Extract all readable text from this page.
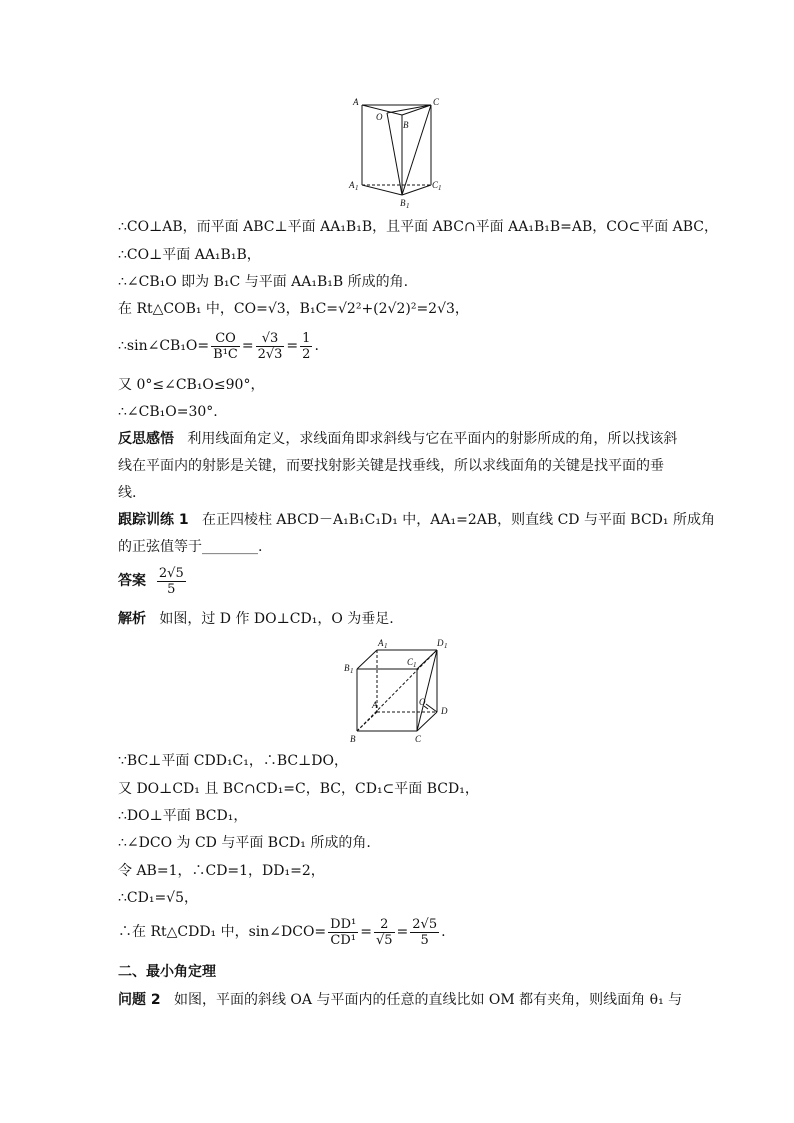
A	C
O
B
A 1	C 1
B 1
∴CO⊥AB，而平面 ABC⊥平面 AA₁B₁B，且平面 ABC∩平面 AA₁B₁B=AB，CO⊂平面 ABC，
∴CO⊥平面 AA₁B₁B，
∴∠CB₁O 即为 B₁C 与平面 AA₁B₁B 所成的角.
在 Rt△COB₁ 中，CO=√3，B₁C=√2²+(2√2)²=2√3，
∴sin∠CB₁O= $\frac{CO}{\text{B¹C}} = \frac{√3}{2√3} = \frac{1}{2}$ .
又 0°≤∠CB₁O≤90°，
∴∠CB₁O=30°.
反思感悟 利用线面角定义，求线面角即求斜线与它在平面内的射影所成的角，所以找该斜线在平面内的射影是关键，而要找射影关键是找垂线，所以求线面角的关键是找平面的垂线.
跟踪训练 1 在正四棱柱 ABCD－A₁B₁C₁D₁ 中，AA₁=2AB，则直线 CD 与平面 BCD₁ 所成角
的正弦值等于________.
答案 $\frac{2√5}{5}$
解析 如图，过 D 作 DO⊥CD₁，O 为垂足.
A 1	D 1
B 1
C 1
A	O
D
B	C
∵BC⊥平面 CDD₁C₁，∴BC⊥DO，
又 DO⊥CD₁ 且 BC∩CD₁=C，BC，CD₁⊂平面 BCD₁，
∴DO⊥平面 BCD₁，
∴∠DCO 为 CD 与平面 BCD₁ 所成的角.
令 AB=1，∴CD=1，DD₁=2，
∴CD₁=√5，
∴在 Rt△CDD₁ 中，sin∠DCO= $\frac{\text{DD¹}}{\text{CD¹}} = \frac{2}{√5} = \frac{2√5}{5}$ .
二、最小角定理
问题 2 如图，平面的斜线 OA 与平面内的任意的直线比如 OM 都有夹角，则线面角 θ₁ 与
